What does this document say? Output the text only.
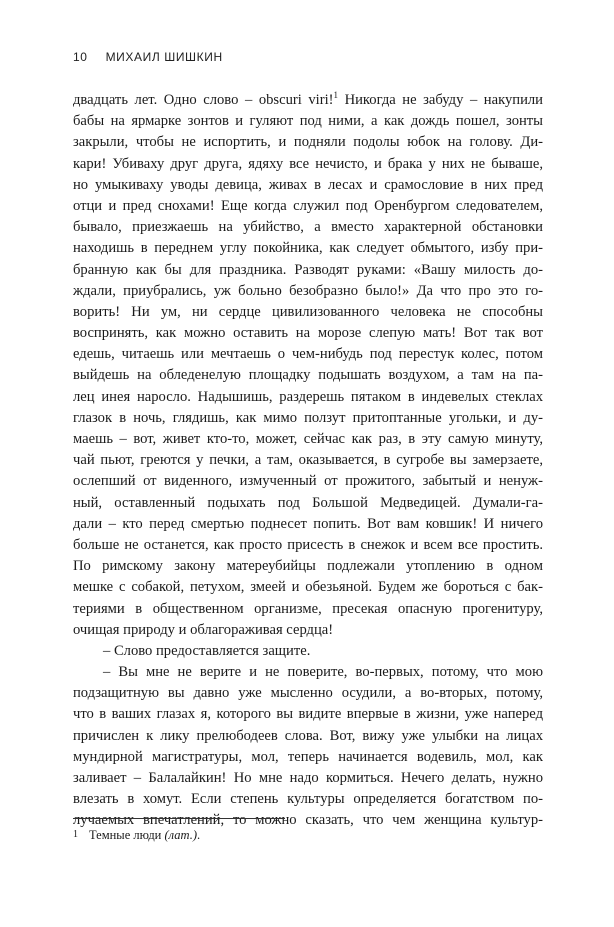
10 МИХАИЛ ШИШКИН
двадцать лет. Одно слово – obscuri viri!$^1$ Никогда не забуду – накупили
бабы на ярмарке зонтов и гуляют под ними, а как дождь пошел, зонты
закрыли, чтобы не испортить, и подняли подолы юбок на голову. Ди-
кари! Убиваху друг друга, ядяху все нечисто, и брака у них не бываше,
но умыкиваху уводы девица, живах в лесах и срамословие в них пред
отци и пред снохами! Еще когда служил под Оренбургом следователем,
бывало, приезжаешь на убийство, а вместо характерной обстановки
находишь в переднем углу покойника, как следует обмытого, избу при-
бранную как бы для праздника. Разводят руками: «Вашу милость до-
ждали, приубрались, уж больно безобразно было!» Да что про это го-
ворить! Ни ум, ни сердце цивилизованного человека не способны
воспринять, как можно оставить на морозе слепую мать! Вот так вот
едешь, читаешь или мечтаешь о чем-нибудь под перестук колес, потом
выйдешь на обледенелую площадку подышать воздухом, а там на па-
лец инея наросло. Надышишь, раздерешь пятаком в индевелых стеклах
глазок в ночь, глядишь, как мимо ползут притоптанные угольки, и ду-
маешь – вот, живет кто-то, может, сейчас как раз, в эту самую минуту,
чай пьют, греются у печки, а там, оказывается, в сугробе вы замерзаете,
ослепший от виденного, измученный от прожитого, забытый и ненуж-
ный, оставленный подыхать под Большой Медведицей. Думали-га-
дали – кто перед смертью поднесет попить. Вот вам ковшик! И ничего
больше не останется, как просто присесть в снежок и всем все простить.
По римскому закону матереубийцы подлежали утоплению в одном
мешке с собакой, петухом, змеей и обезьяной. Будем же бороться с бак-
териями в общественном организме, пресекая опасную прогенитуру,
очищая природу и облагораживая сердца!
– Слово предоставляется защите.
– Вы мне не верите и не поверите, во-первых, потому, что мою
подзащитную вы давно уже мысленно осудили, а во-вторых, потому,
что в ваших глазах я, которого вы видите впервые в жизни, уже наперед
причислен к лику прелюбодеев слова. Вот, вижу уже улыбки на лицах
мундирной магистратуры, мол, теперь начинается водевиль, мол, как
заливает – Балалайкин! Но мне надо кормиться. Нечего делать, нужно
влезать в хомут. Если степень культуры определяется богатством по-
лучаемых впечатлений, то можно сказать, что чем женщина культур-
1 Темные люди (лат.).
